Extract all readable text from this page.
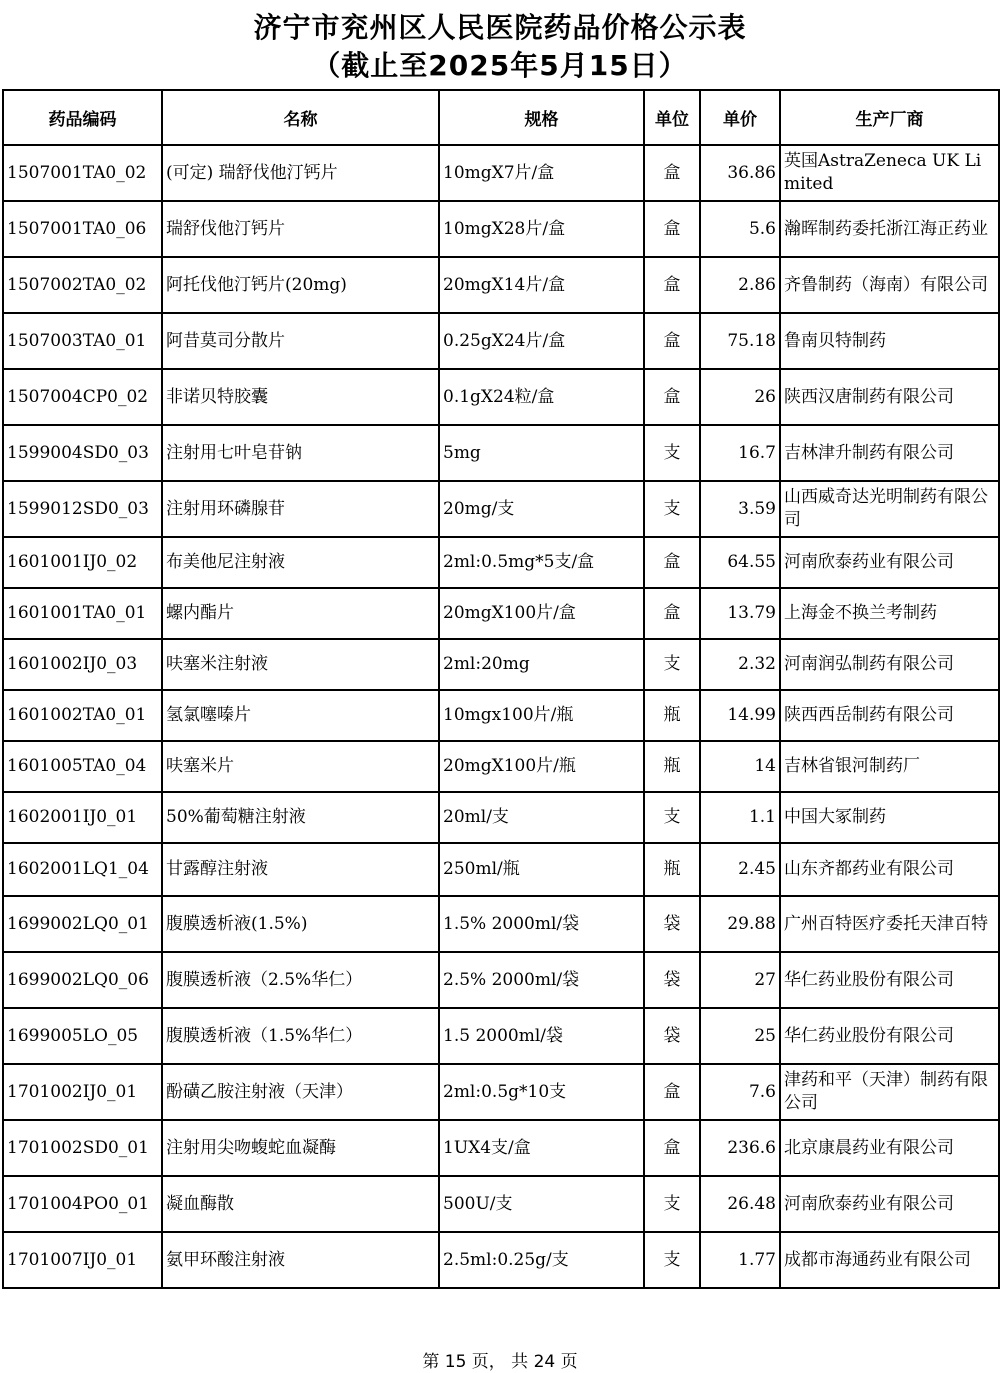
济宁市兖州区人民医院药品价格公示表
（截止至2025年5月15日）
药品编码	名称	规格	单位	单价	生产厂商
1507001TA0_02	(可定) 瑞舒伐他汀钙片	10mgX7片/盒	盒	36.86	英国AstraZeneca UK Limited
1507001TA0_06	瑞舒伐他汀钙片	10mgX28片/盒	盒	5.6	瀚晖制药委托浙江海正药业
1507002TA0_02	阿托伐他汀钙片(20mg)	20mgX14片/盒	盒	2.86	齐鲁制药（海南）有限公司
1507003TA0_01	阿昔莫司分散片	0.25gX24片/盒	盒	75.18	鲁南贝特制药
1507004CP0_02	非诺贝特胶囊	0.1gX24粒/盒	盒	26	陕西汉唐制药有限公司
1599004SD0_03	注射用七叶皂苷钠	5mg	支	16.7	吉林津升制药有限公司
1599012SD0_03	注射用环磷腺苷	20mg/支	支	3.59	山西威奇达光明制药有限公司
1601001IJ0_02	布美他尼注射液	2ml:0.5mg*5支/盒	盒	64.55	河南欣泰药业有限公司
1601001TA0_01	螺内酯片	20mgX100片/盒	盒	13.79	上海金不换兰考制药
1601002IJ0_03	呋塞米注射液	2ml:20mg	支	2.32	河南润弘制药有限公司
1601002TA0_01	氢氯噻嗪片	10mgx100片/瓶	瓶	14.99	陕西西岳制药有限公司
1601005TA0_04	呋塞米片	20mgX100片/瓶	瓶	14	吉林省银河制药厂
1602001IJ0_01	50%葡萄糖注射液	20ml/支	支	1.1	中国大冢制药
1602001LQ1_04	甘露醇注射液	250ml/瓶	瓶	2.45	山东齐都药业有限公司
1699002LQ0_01	腹膜透析液(1.5%)	1.5% 2000ml/袋	袋	29.88	广州百特医疗委托天津百特
1699002LQ0_06	腹膜透析液（2.5%华仁）	2.5% 2000ml/袋	袋	27	华仁药业股份有限公司
1699005LO_05	腹膜透析液（1.5%华仁）	1.5 2000ml/袋	袋	25	华仁药业股份有限公司
1701002IJ0_01	酚磺乙胺注射液（天津）	2ml:0.5g*10支	盒	7.6	津药和平（天津）制药有限公司
1701002SD0_01	注射用尖吻蝮蛇血凝酶	1UX4支/盒	盒	236.6	北京康晨药业有限公司
1701004PO0_01	凝血酶散	500U/支	支	26.48	河南欣泰药业有限公司
1701007IJ0_01	氨甲环酸注射液	2.5ml:0.25g/支	支	1.77	成都市海通药业有限公司
第 15 页， 共 24 页
